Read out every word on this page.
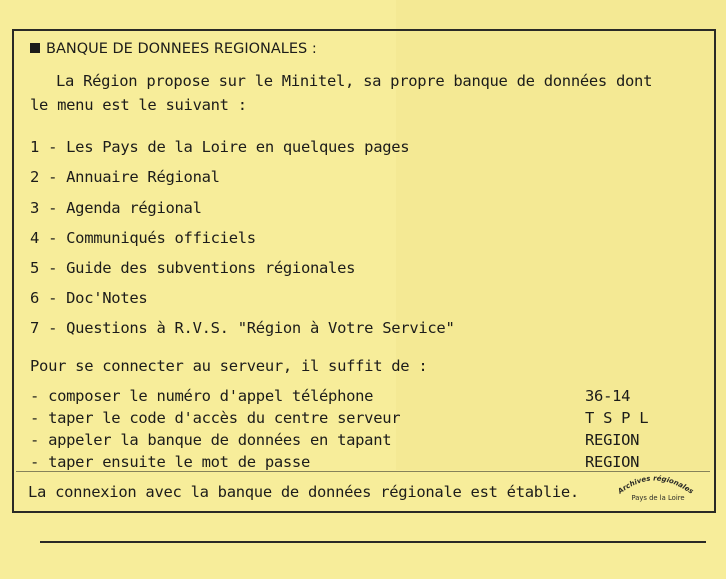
BANQUE DE DONNEES REGIONALES :
La Région propose sur le Minitel, sa propre banque de données dont
le menu est le suivant :
1 - Les Pays de la Loire en quelques pages
2 - Annuaire Régional
3 - Agenda régional
4 - Communiqués officiels
5 - Guide des subventions régionales
6 - Doc'Notes
7 - Questions à R.V.S. "Région à Votre Service"
Pour se connecter au serveur, il suffit de :
- composer le numéro d'appel téléphone	36-14
- taper le code d'accès du centre serveur	T S P L
- appeler la banque de données en tapant	REGION
- taper ensuite le mot de passe	REGION
La connexion avec la banque de données régionale est établie.	Archives régionales
Pays de la Loire
